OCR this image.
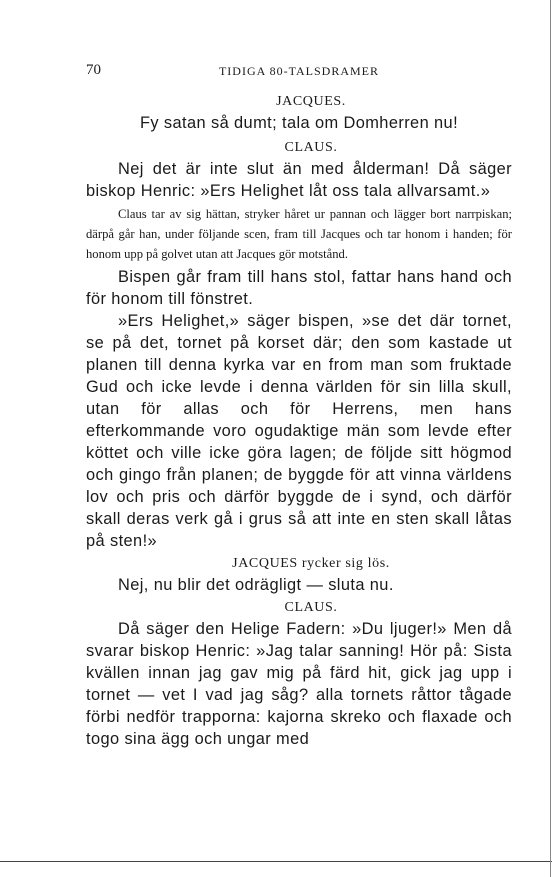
70	TIDIGA 80-TALSDRAMER

JACQUES.

Fy satan så dumt; tala om Domherren nu!

CLAUS.

Nej det är inte slut än med ålderman! Då säger biskop Henric: »Ers Helighet låt oss tala allvarsamt.»

Claus tar av sig hättan, stryker håret ur pannan och lägger bort narrpiskan; därpå går han, under följande scen, fram till Jacques och tar honom i handen; för honom upp på golvet utan att Jacques gör motstånd.

Bispen går fram till hans stol, fattar hans hand och för honom till fönstret.

»Ers Helighet,» säger bispen, »se det där tornet, se på det, tornet på korset där; den som kastade ut planen till denna kyrka var en from man som fruktade Gud och icke levde i denna världen för sin lilla skull, utan för allas och för Herrens, men hans efterkommande voro ogudaktige män som levde efter köttet och ville icke göra lagen; de följde sitt högmod och gingo från planen; de byggde för att vinna världens lov och pris och därför byggde de i synd, och därför skall deras verk gå i grus så att inte en sten skall låtas på sten!»

JACQUES rycker sig lös.

Nej, nu blir det odrägligt — sluta nu.

CLAUS.

Då säger den Helige Fadern: »Du ljuger!» Men då svarar biskop Henric: »Jag talar sanning! Hör på: Sista kvällen innan jag gav mig på färd hit, gick jag upp i tornet — vet I vad jag såg? alla tornets råttor tågade förbi nedför trapporna: kajorna skreko och flaxade och togo sina ägg och ungar med
